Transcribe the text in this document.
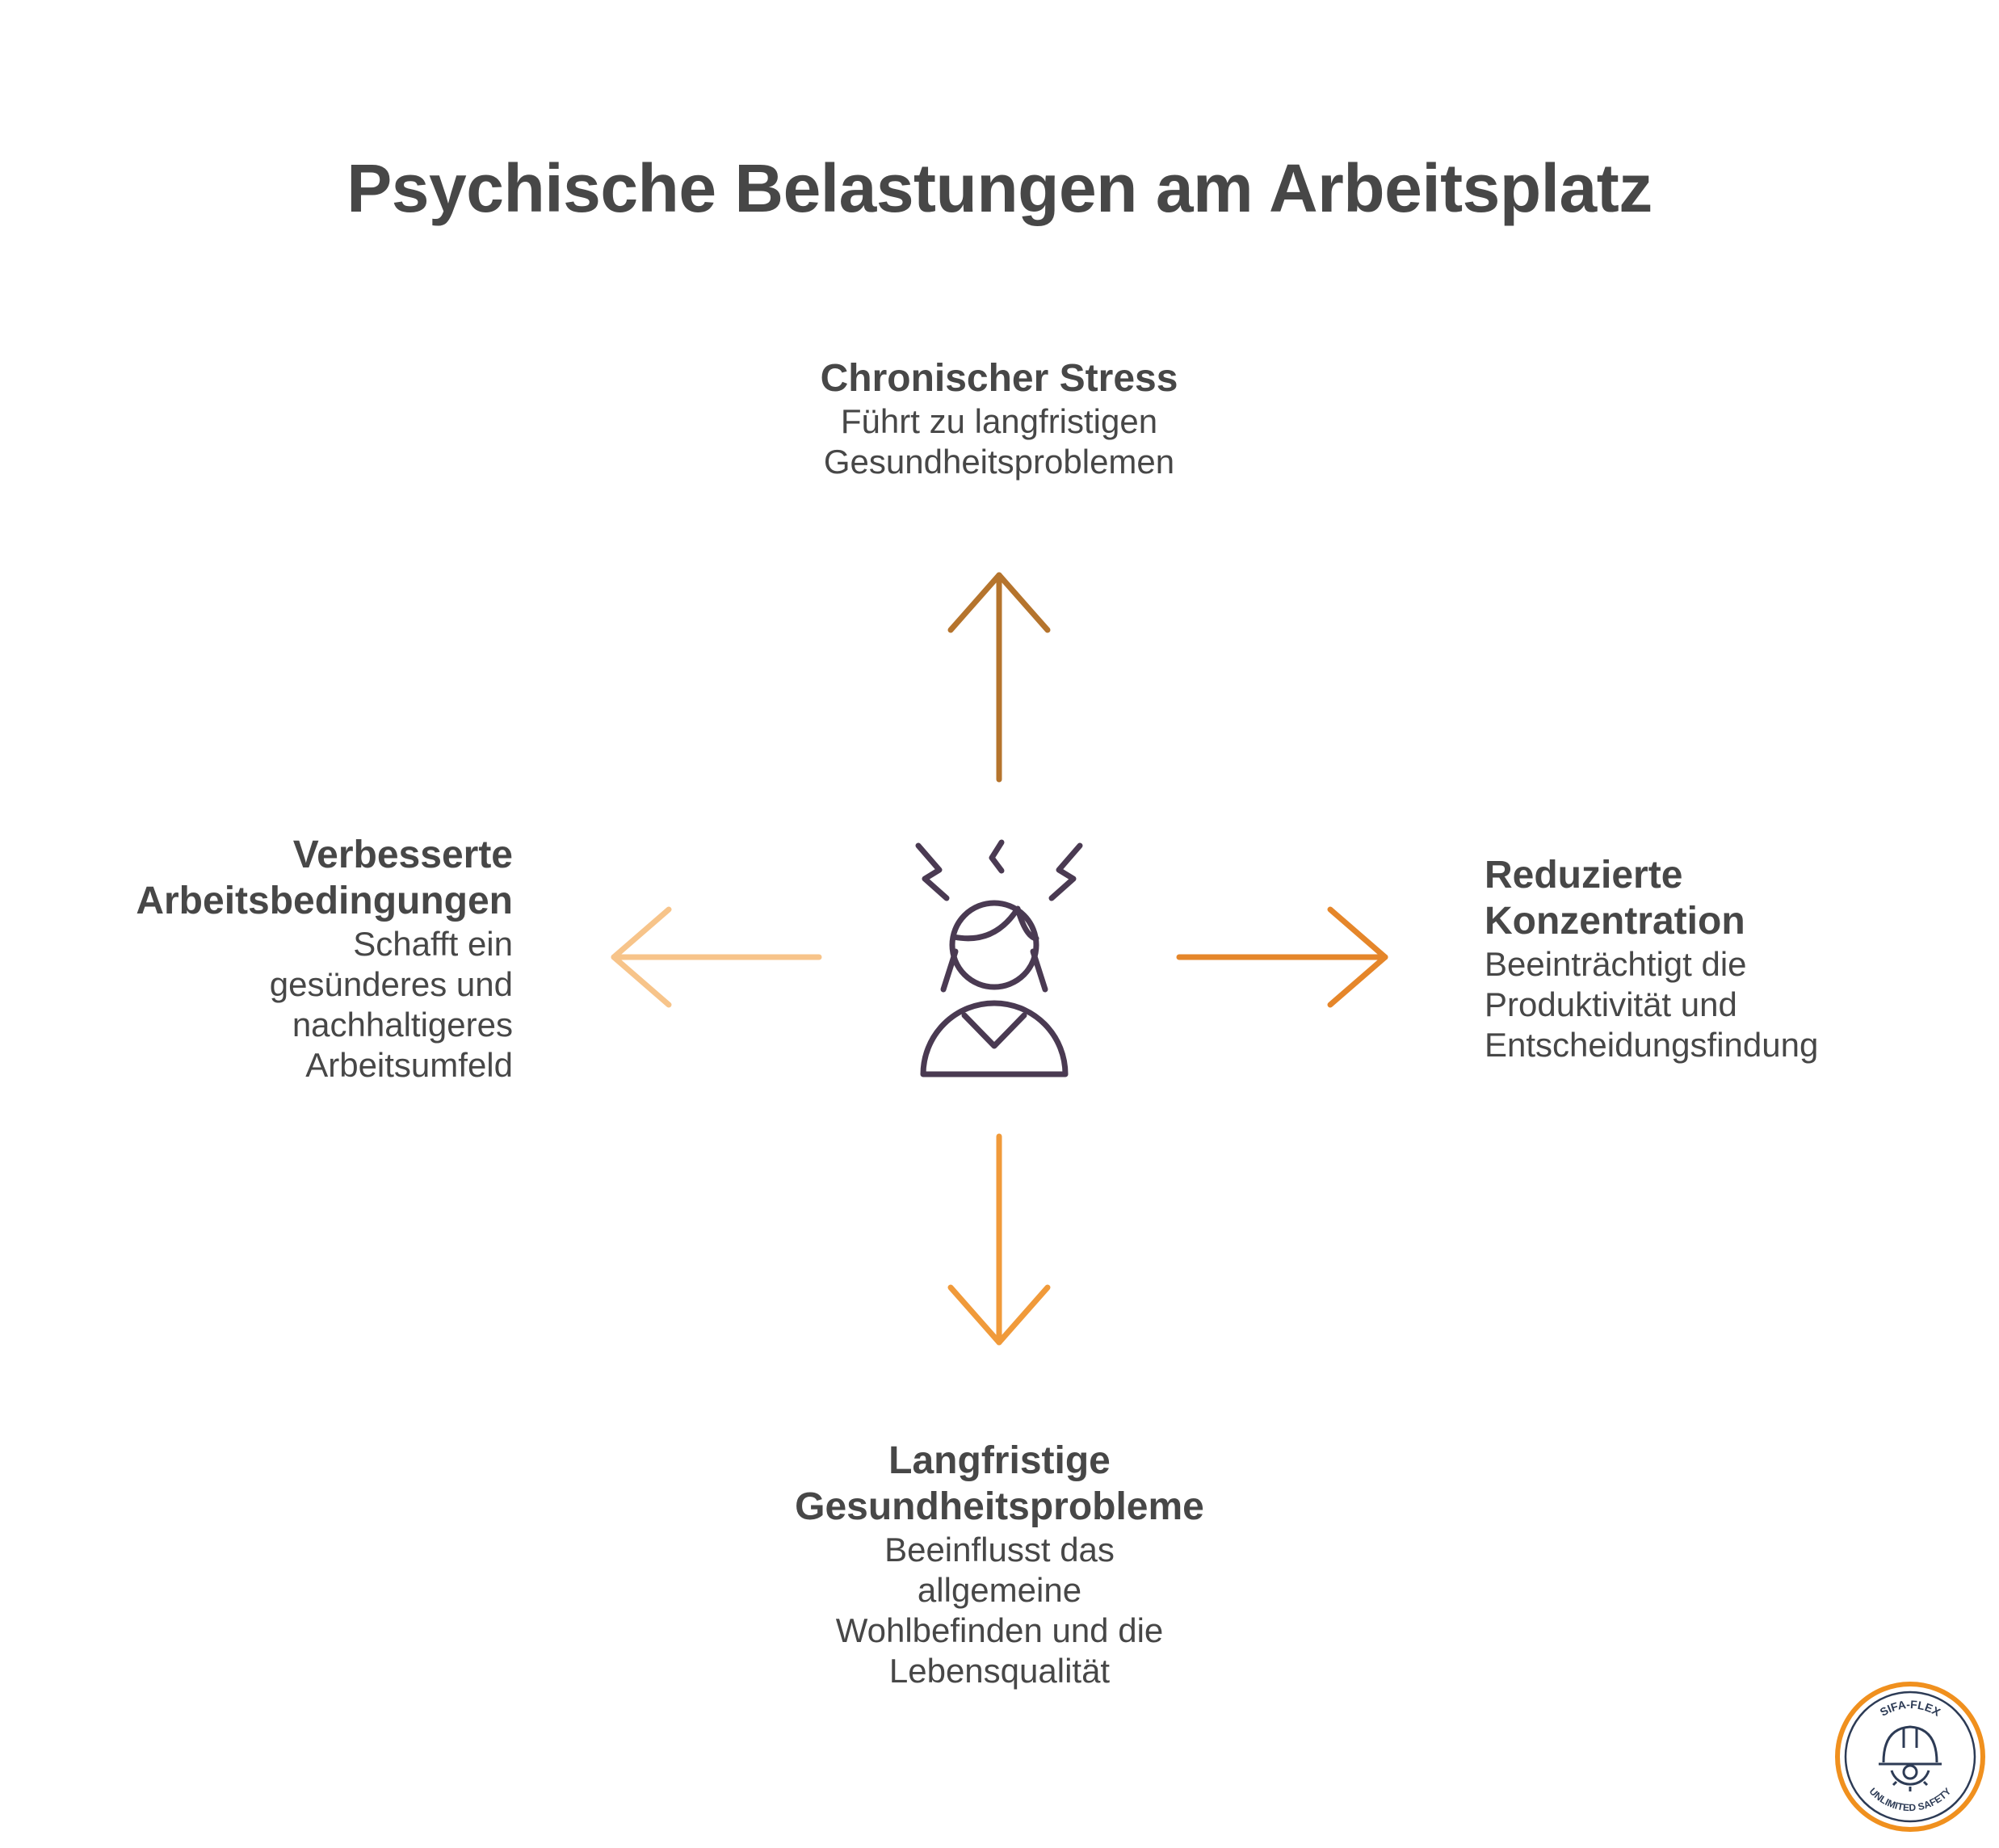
Psychische Belastungen am Arbeitsplatz
Chronischer Stress
Führt zu langfristigen
Gesundheitsproblemen
Verbesserte
Arbeitsbedingungen
Schafft ein
gesünderes und
nachhaltigeres
Arbeitsumfeld
Reduzierte
Konzentration
Beeinträchtigt die
Produktivität und
Entscheidungsfindung
Langfristige
Gesundheitsprobleme
Beeinflusst das
allgemeine
Wohlbefinden und die
Lebensqualität
SIFA-FLEX
UNLIMITED SAFETY
